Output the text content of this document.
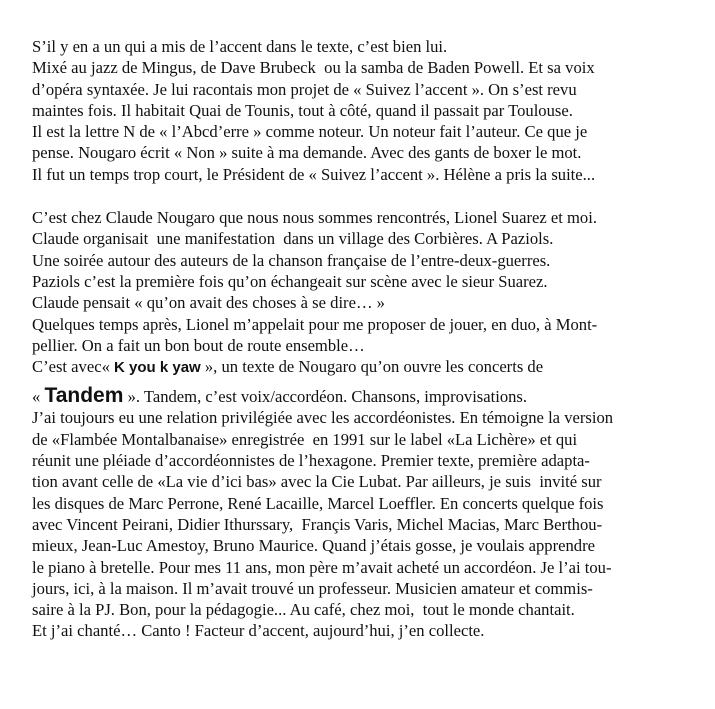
S’il y en a un qui a mis de l’accent dans le texte, c’est bien lui.
Mixé au jazz de Mingus, de Dave Brubeck  ou la samba de Baden Powell. Et sa voix
d’opéra syntaxée. Je lui racontais mon projet de « Suivez l’accent ». On s’est revu
maintes fois. Il habitait Quai de Tounis, tout à côté, quand il passait par Toulouse.
Il est la lettre N de « l’Abcd’erre » comme noteur. Un noteur fait l’auteur. Ce que je
pense. Nougaro écrit « Non » suite à ma demande. Avec des gants de boxer le mot.
Il fut un temps trop court, le Président de « Suivez l’accent ». Hélène a pris la suite...
C’est chez Claude Nougaro que nous nous sommes rencontrés, Lionel Suarez et moi.
Claude organisait  une manifestation  dans un village des Corbières. A Paziols.
Une soirée autour des auteurs de la chanson française de l’entre-deux-guerres.
Paziols c’est la première fois qu’on échangeait sur scène avec le sieur Suarez.
Claude pensait « qu’on avait des choses à se dire… »
Quelques temps après, Lionel m’appelait pour me proposer de jouer, en duo, à Mont-
pellier. On a fait un bon bout de route ensemble…
C’est avec« K you k yaw », un texte de Nougaro qu’on ouvre les concerts de
« Tandem ». Tandem, c’est voix/accordéon. Chansons, improvisations.
J’ai toujours eu une relation privilégiée avec les accordéonistes. En témoigne la version
de «Flambée Montalbanaise» enregistrée  en 1991 sur le label «La Lichère» et qui
réunit une pléiade d’accordéonnistes de l’hexagone. Premier texte, première adapta-
tion avant celle de «La vie d’ici bas» avec la Cie Lubat. Par ailleurs, je suis  invité sur
les disques de Marc Perrone, René Lacaille, Marcel Loeffler. En concerts quelque fois
avec Vincent Peirani, Didier Ithurssary,  Françis Varis, Michel Macias, Marc Berthou-
mieux, Jean-Luc Amestoy, Bruno Maurice. Quand j’étais gosse, je voulais apprendre
le piano à bretelle. Pour mes 11 ans, mon père m’avait acheté un accordéon. Je l’ai tou-
jours, ici, à la maison. Il m’avait trouvé un professeur. Musicien amateur et commis-
saire à la PJ. Bon, pour la pédagogie... Au café, chez moi,  tout le monde chantait.
Et j’ai chanté… Canto ! Facteur d’accent, aujourd’hui, j’en collecte.
